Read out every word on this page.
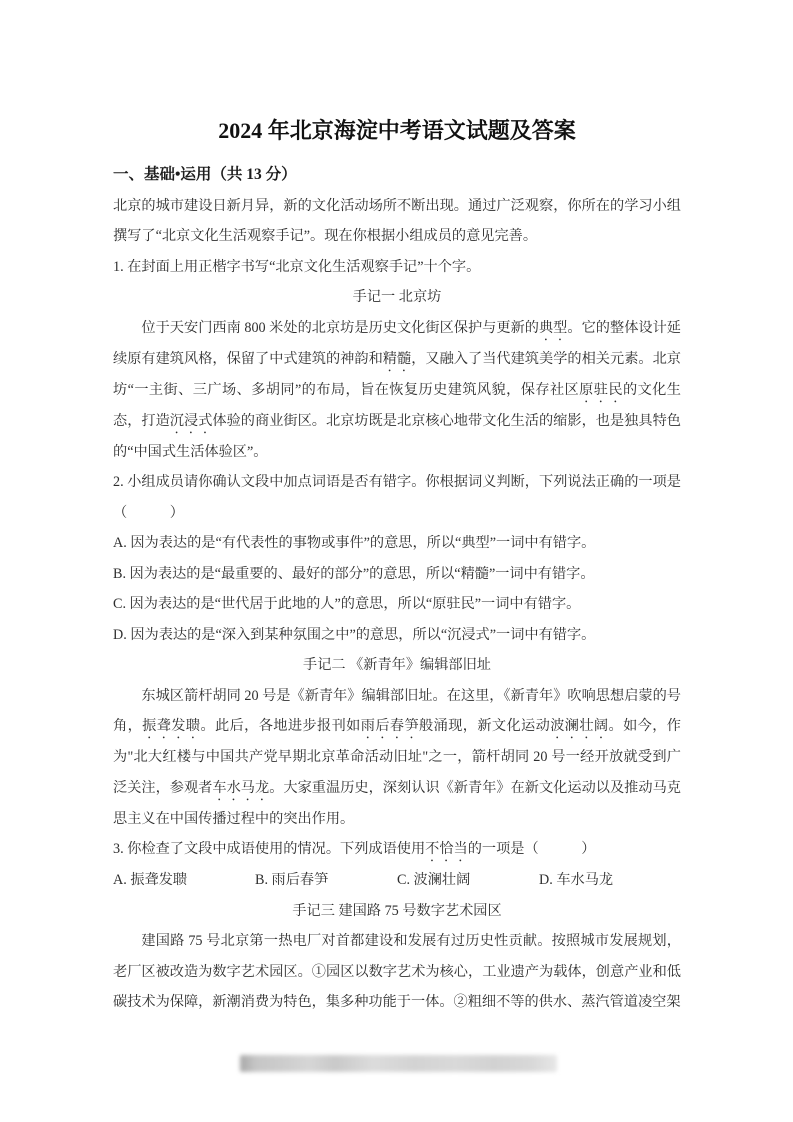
2024 年北京海淀中考语文试题及答案

一、基础•运用（共 13 分）

北京的城市建设日新月异，新的文化活动场所不断出现。通过广泛观察，你所在的学习小组撰写了“北京文化生活观察手记”。现在你根据小组成员的意见完善。

1. 在封面上用正楷字书写“北京文化生活观察手记”十个字。

手记一 北京坊

位于天安门西南 800 米处的北京坊是历史文化街区保护与更新的典型。它的整体设计延续原有建筑风格，保留了中式建筑的神韵和精髓，又融入了当代建筑美学的相关元素。北京坊“一主街、三广场、多胡同”的布局，旨在恢复历史建筑风貌，保存社区原驻民的文化生态，打造沉浸式体验的商业街区。北京坊既是北京核心地带文化生活的缩影，也是独具特色的“中国式生活体验区”。

2. 小组成员请你确认文段中加点词语是否有错字。你根据词义判断，下列说法正确的一项是（　　　）

A. 因为表达的是“有代表性的事物或事件”的意思，所以“典型”一词中有错字。

B. 因为表达的是“最重要的、最好的部分”的意思，所以“精髓”一词中有错字。

C. 因为表达的是“世代居于此地的人”的意思，所以“原驻民”一词中有错字。

D. 因为表达的是“深入到某种氛围之中”的意思，所以“沉浸式”一词中有错字。

手记二 《新青年》编辑部旧址

东城区箭杆胡同 20 号是《新青年》编辑部旧址。在这里，《新青年》吹响思想启蒙的号角，振聋发聩。此后，各地进步报刊如雨后春笋般涌现，新文化运动波澜壮阔。如今，作为"北大红楼与中国共产党早期北京革命活动旧址"之一，箭杆胡同 20 号一经开放就受到广泛关注，参观者车水马龙。大家重温历史，深刻认识《新青年》在新文化运动以及推动马克思主义在中国传播过程中的突出作用。

3. 你检查了文段中成语使用的情况。下列成语使用不恰当的一项是（　　　）

A. 振聋发聩	B. 雨后春笋	C. 波澜壮阔	D. 车水马龙

手记三 建国路 75 号数字艺术园区

建国路 75 号北京第一热电厂对首都建设和发展有过历史性贡献。按照城市发展规划，老厂区被改造为数字艺术园区。①园区以数字艺术为核心，工业遗产为载体，创意产业和低碳技术为保障，新潮消费为特色，集多种功能于一体。②粗细不等的供水、蒸汽管道凌空架
